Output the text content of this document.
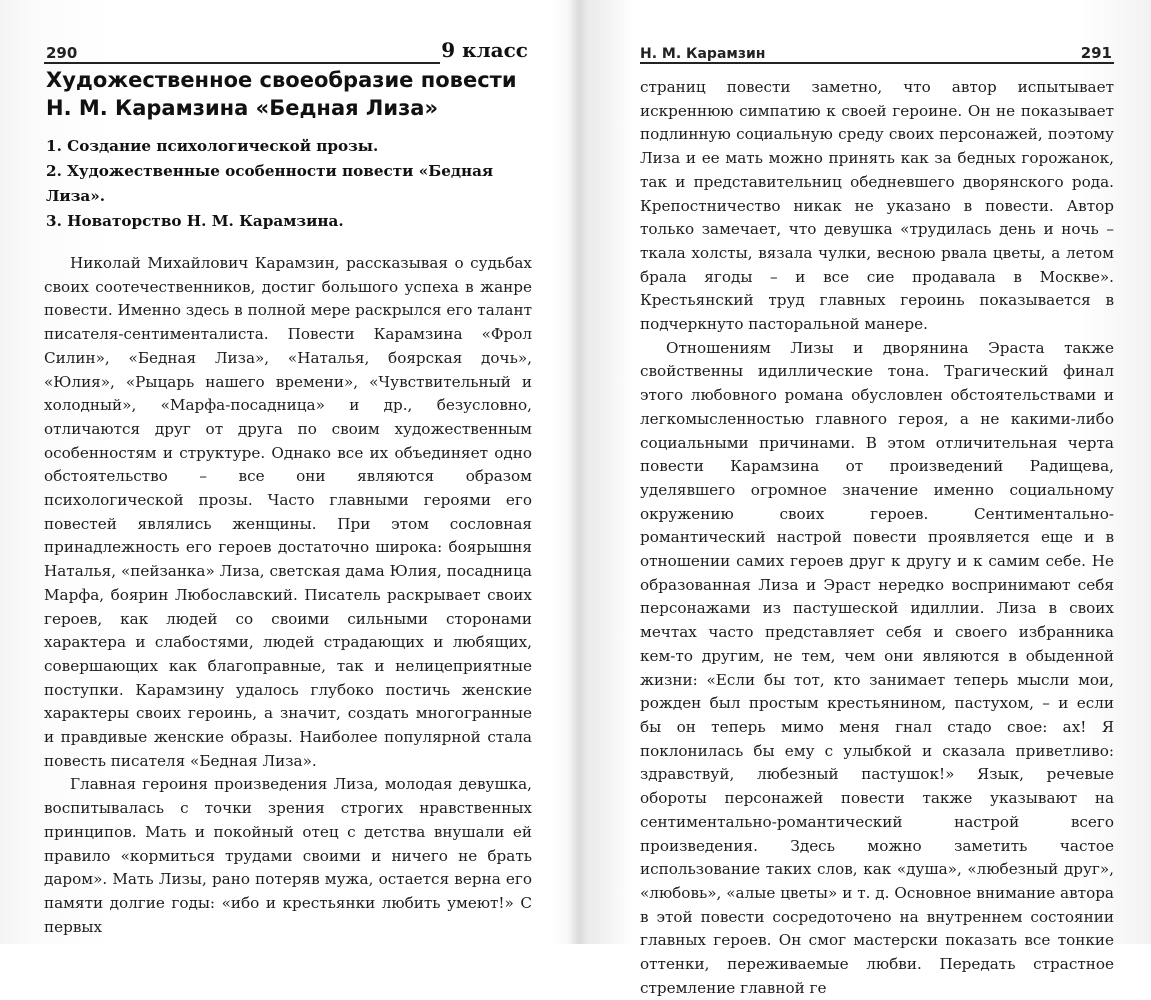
290	9 класс
Художественное своеобразие повести
Н. М. Карамзина «Бедная Лиза»
1. Создание психологической прозы.
2. Художественные особенности повести «Бедная Лиза».
3. Новаторство Н. М. Карамзина.

Николай Михайлович Карамзин, рассказывая о судьбах своих соотечественников, достиг большого успеха в жанре повести. Именно здесь в полной мере раскрылся его талант писателя-сентименталиста. Повести Карамзина «Фрол Силин», «Бедная Лиза», «Наталья, боярская дочь», «Юлия», «Рыцарь нашего времени», «Чувствительный и холодный», «Марфа-посадница» и др., безусловно, отличаются друг от друга по своим художественным особенностям и структуре. Однако все их объединяет одно обстоятельство – все они являются образом психологической прозы. Часто главными героями его повестей являлись женщины. При этом сословная принадлежность его героев достаточно широка: боярышня Наталья, «пейзанка» Лиза, светская дама Юлия, посадница Марфа, боярин Любославский. Писатель раскрывает своих героев, как людей со своими сильными сторонами характера и слабостями, людей страдающих и любящих, совершающих как благоправные, так и нелицеприятные поступки. Карамзину удалось глубоко постичь женские характеры своих героинь, а значит, создать многогранные и правдивые женские образы. Наиболее популярной стала повесть писателя «Бедная Лиза».

Главная героиня произведения Лиза, молодая девушка, воспитывалась с точки зрения строгих нравственных принципов. Мать и покойный отец с детства внушали ей правило «кормиться трудами своими и ничего не брать даром». Мать Лизы, рано потеряв мужа, остается верна его памяти долгие годы: «ибо и крестьянки любить умеют!» С первых

Н. М. Карамзин	291

страниц повести заметно, что автор испытывает искреннюю симпатию к своей героине. Он не показывает подлинную социальную среду своих персонажей, поэтому Лиза и ее мать можно принять как за бедных горожанок, так и представительниц обедневшего дворянского рода. Крепостничество никак не указано в повести. Автор только замечает, что девушка «трудилась день и ночь – ткала холсты, вязала чулки, весною рвала цветы, а летом брала ягоды – и все сие продавала в Москве». Крестьянский труд главных героинь показывается в подчеркнуто пасторальной манере.

Отношениям Лизы и дворянина Эраста также свойственны идиллические тона. Трагический финал этого любовного романа обусловлен обстоятельствами и легкомысленностью главного героя, а не какими-либо социальными причинами. В этом отличительная черта повести Карамзина от произведений Радищева, уделявшего огромное значение именно социальному окружению своих героев. Сентиментально-романтический настрой повести проявляется еще и в отношении самих героев друг к другу и к самим себе. Не образованная Лиза и Эраст нередко воспринимают себя персонажами из пастушеской идиллии. Лиза в своих мечтах часто представляет себя и своего избранника кем-то другим, не тем, чем они являются в обыденной жизни: «Если бы тот, кто занимает теперь мысли мои, рожден был простым крестьянином, пастухом, – и если бы он теперь мимо меня гнал стадо свое: ах! Я поклонилась бы ему с улыбкой и сказала приветливо: здравствуй, любезный пастушок!» Язык, речевые обороты персонажей повести также указывают на сентиментально-романтический настрой всего произведения. Здесь можно заметить частое использование таких слов, как «душа», «любезный друг», «любовь», «алые цветы» и т. д. Основное внимание автора в этой повести сосредоточено на внутреннем состоянии главных героев. Он смог мастерски показать все тонкие оттенки, переживаемые любви. Передать страстное стремление главной ге
